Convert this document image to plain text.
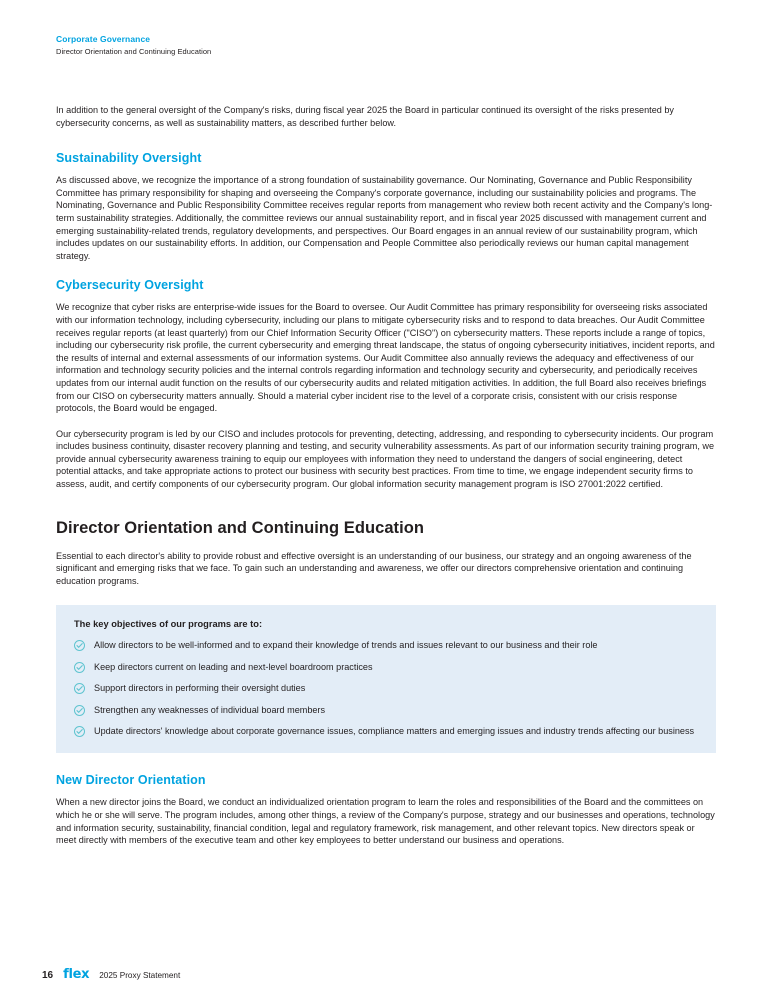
Corporate Governance

Director Orientation and Continuing Education

In addition to the general oversight of the Company's risks, during fiscal year 2025 the Board in particular continued its oversight of the risks presented by cybersecurity concerns, as well as sustainability matters, as described further below.

Sustainability Oversight

As discussed above, we recognize the importance of a strong foundation of sustainability governance. Our Nominating, Governance and Public Responsibility Committee has primary responsibility for shaping and overseeing the Company's corporate governance, including our sustainability policies and programs. The Nominating, Governance and Public Responsibility Committee receives regular reports from management who review both recent activity and the Company's long-term sustainability strategies. Additionally, the committee reviews our annual sustainability report, and in fiscal year 2025 discussed with management current and emerging sustainability-related trends, regulatory developments, and perspectives. Our Board engages in an annual review of our sustainability program, which includes updates on our sustainability efforts. In addition, our Compensation and People Committee also periodically reviews our human capital management strategy.

Cybersecurity Oversight

We recognize that cyber risks are enterprise-wide issues for the Board to oversee. Our Audit Committee has primary responsibility for overseeing risks associated with our information technology, including cybersecurity, including our plans to mitigate cybersecurity risks and to respond to data breaches. Our Audit Committee receives regular reports (at least quarterly) from our Chief Information Security Officer ("CISO") on cybersecurity matters. These reports include a range of topics, including our cybersecurity risk profile, the current cybersecurity and emerging threat landscape, the status of ongoing cybersecurity initiatives, incident reports, and the results of internal and external assessments of our information systems. Our Audit Committee also annually reviews the adequacy and effectiveness of our information and technology security policies and the internal controls regarding information and technology security and cybersecurity, and periodically receives updates from our internal audit function on the results of our cybersecurity audits and related mitigation activities. In addition, the full Board also receives briefings from our CISO on cybersecurity matters annually. Should a material cyber incident rise to the level of a corporate crisis, consistent with our crisis response protocols, the Board would be engaged.

Our cybersecurity program is led by our CISO and includes protocols for preventing, detecting, addressing, and responding to cybersecurity incidents. Our program includes business continuity, disaster recovery planning and testing, and security vulnerability assessments. As part of our information security training program, we provide annual cybersecurity awareness training to equip our employees with information they need to understand the dangers of social engineering, detect potential attacks, and take appropriate actions to protect our business with security best practices. From time to time, we engage independent security firms to assess, audit, and certify components of our cybersecurity program. Our global information security management program is ISO 27001:2022 certified.

Director Orientation and Continuing Education

Essential to each director's ability to provide robust and effective oversight is an understanding of our business, our strategy and an ongoing awareness of the significant and emerging risks that we face. To gain such an understanding and awareness, we offer our directors comprehensive orientation and continuing education programs.

The key objectives of our programs are to:

Allow directors to be well-informed and to expand their knowledge of trends and issues relevant to our business and their role
Keep directors current on leading and next-level boardroom practices
Support directors in performing their oversight duties
Strengthen any weaknesses of individual board members
Update directors' knowledge about corporate governance issues, compliance matters and emerging issues and industry trends affecting our business
New Director Orientation

When a new director joins the Board, we conduct an individualized orientation program to learn the roles and responsibilities of the Board and the committees on which he or she will serve. The program includes, among other things, a review of the Company's purpose, strategy and our businesses and operations, technology and information security, sustainability, financial condition, legal and regulatory framework, risk management, and other relevant topics. New directors speak or meet directly with members of the executive team and other key employees to better understand our business and operations.

16 flex 2025 Proxy Statement
